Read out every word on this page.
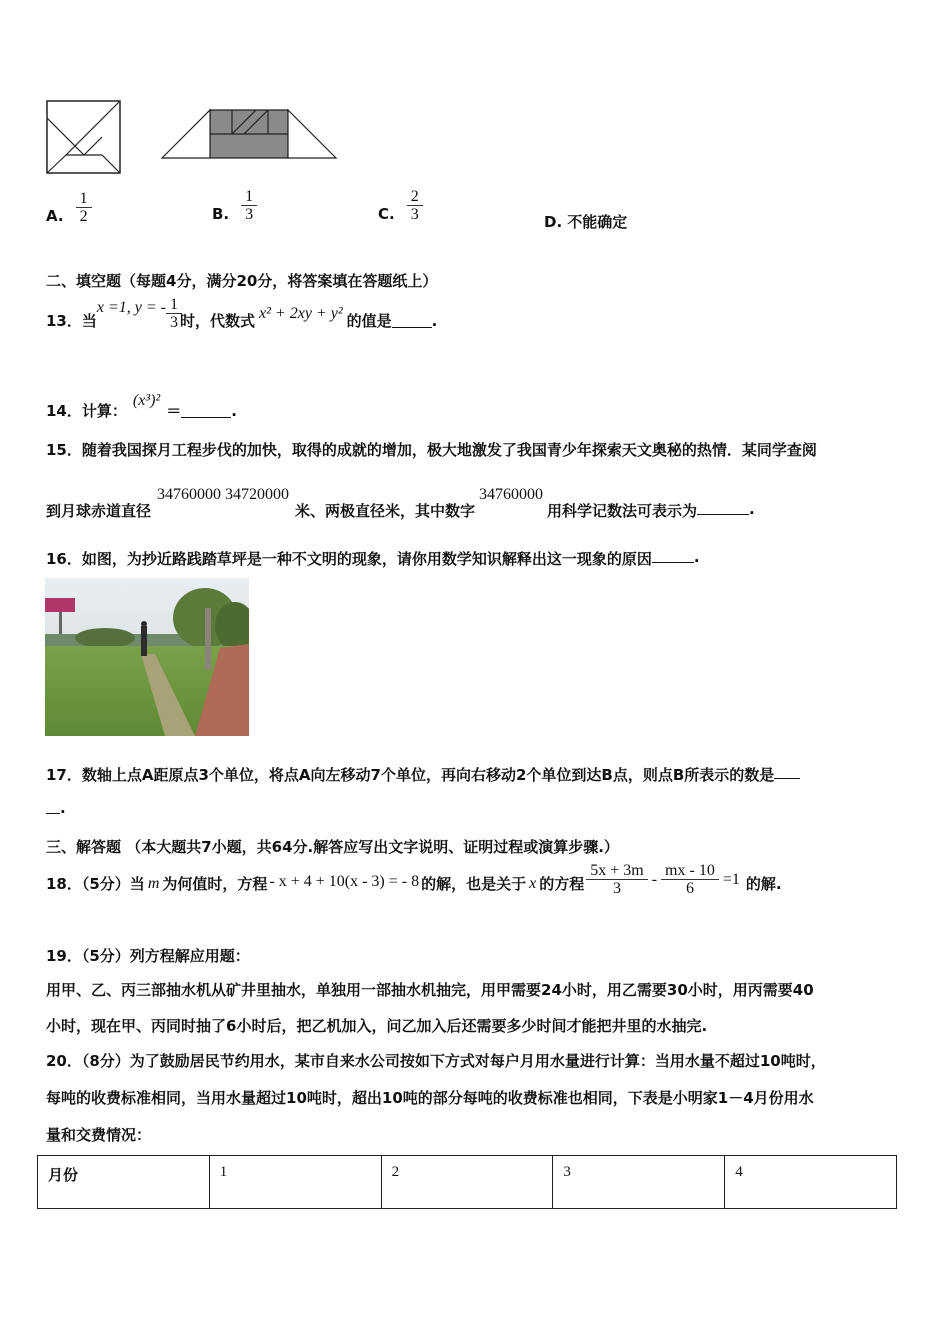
A. $\frac{1}{2}$	B. $\frac{1}{3}$	C. $\frac{2}{3}$	D. 不能确定
二、填空题（每题4分，满分20分，将答案填在答题纸上）
13．当
x =1, y = - $\frac{1}{3}$ 时，代数式 x² + 2xy + y² 的值是	.
14．计算：
(x³)²
＝	.
15．随着我国探月工程步伐的加快，取得的成就的增加，极大地激发了我国青少年探索天文奥秘的热情．某同学查阅
到月球赤道直径
34760000 34720000
米、两极直径米，其中数字
34760000
用科学记数法可表示为	.
16．如图，为抄近路践踏草坪是一种不文明的现象，请你用数学知识解释出这一现象的原因	.
17．数轴上点A距原点3个单位，将点A向左移动7个单位，再向右移动2个单位到达B点，则点B所表示的数是
.
三、解答题 （本大题共7小题，共64分.解答应写出文字说明、证明过程或演算步骤.）
18．（5分）当 m 为何值时，方程 - x + 4 + 10(x - 3) = - 8 的解，也是关于 x 的方程 $\frac{5x + 3m}{3} - \frac{mx - 10}{6} =1$ 的解.
19．（5分）列方程解应用题：
用甲、乙、丙三部抽水机从矿井里抽水，单独用一部抽水机抽完，用甲需要24小时，用乙需要30小时，用丙需要40
小时，现在甲、丙同时抽了6小时后，把乙机加入，问乙加入后还需要多少时间才能把井里的水抽完.
20．（8分）为了鼓励居民节约用水，某市自来水公司按如下方式对每户月用水量进行计算：当用水量不超过10吨时，
每吨的收费标准相同，当用水量超过10吨时，超出10吨的部分每吨的收费标准也相同，下表是小明家1－4月份用水
量和交费情况：
月份	1	2	3	4
